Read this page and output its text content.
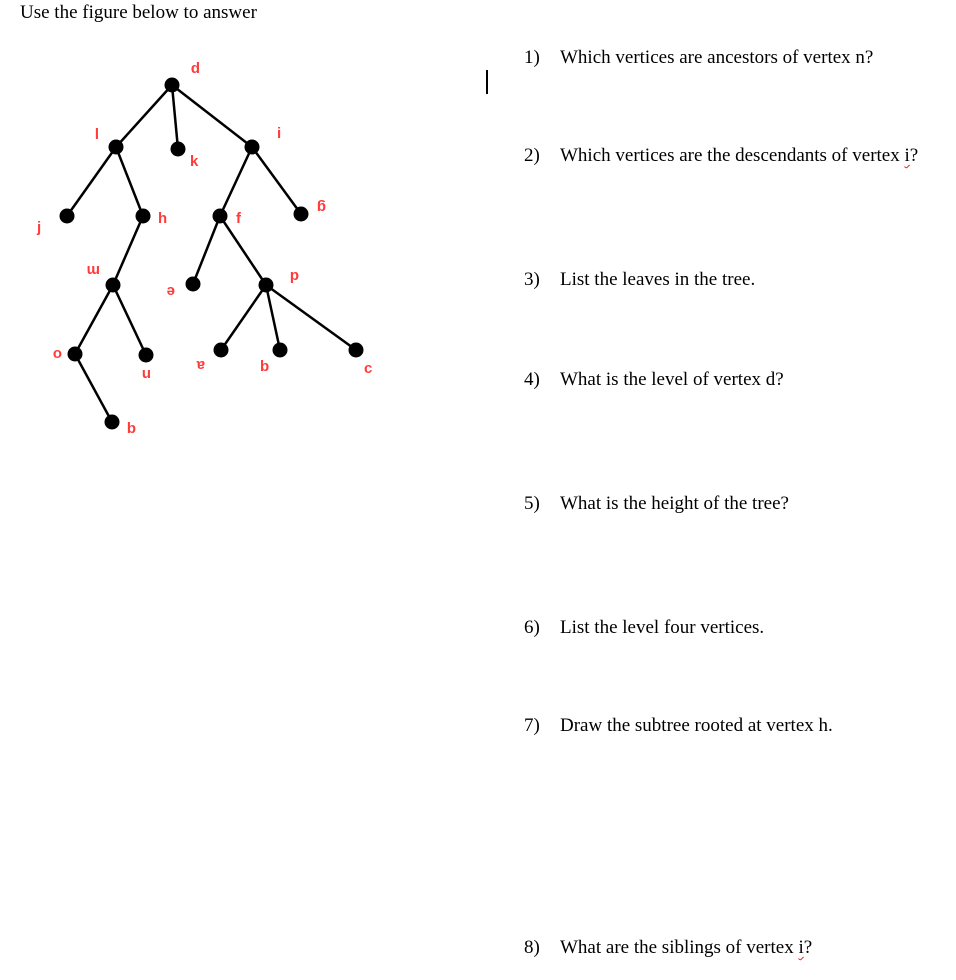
Use the figure below to answer
p
l
k
i
j
h	f
g
m
e
d
o
n
a	b	c
q
1) Which vertices are ancestors of vertex n?
2) Which vertices are the descendants of vertex i?
3) List the leaves in the tree.
4) What is the level of vertex d?
5) What is the height of the tree?
6) List the level four vertices.
7) Draw the subtree rooted at vertex h.
8) What are the siblings of vertex i?
